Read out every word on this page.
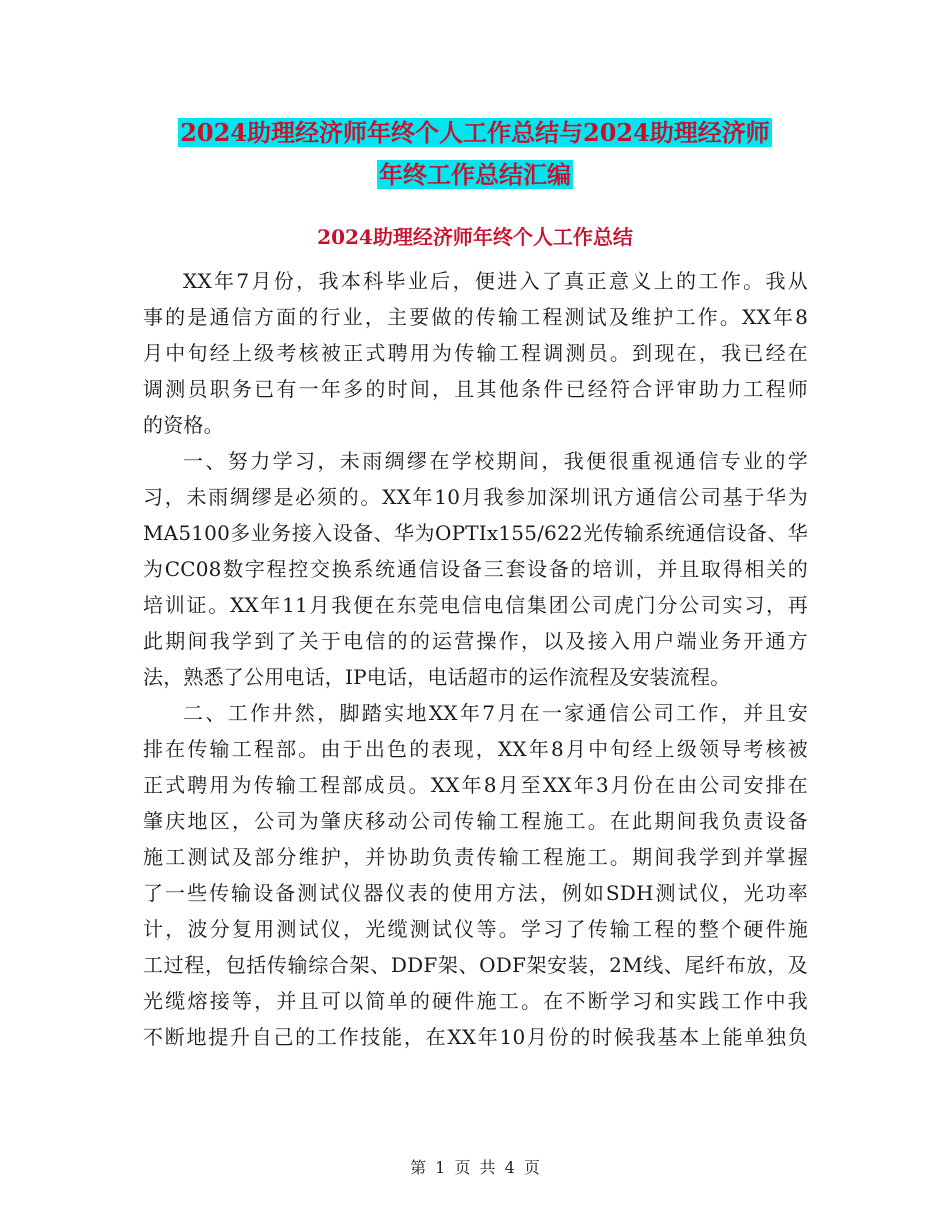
2024助理经济师年终个人工作总结与2024助理经济师
年终工作总结汇编
2024助理经济师年终个人工作总结
XX年7月份，我本科毕业后，便进入了真正意义上的工作。我从
事的是通信方面的行业，主要做的传输工程测试及维护工作。XX年8
月中旬经上级考核被正式聘用为传输工程调测员。到现在，我已经在
调测员职务已有一年多的时间，且其他条件已经符合评审助力工程师
的资格。
一、努力学习，未雨绸缪在学校期间，我便很重视通信专业的学
习，未雨绸缪是必须的。XX年10月我参加深圳讯方通信公司基于华为
MA5100多业务接入设备、华为OPTIx155/622光传输系统通信设备、华
为CC08数字程控交换系统通信设备三套设备的培训，并且取得相关的
培训证。XX年11月我便在东莞电信电信集团公司虎门分公司实习，再
此期间我学到了关于电信的的运营操作，以及接入用户端业务开通方
法，熟悉了公用电话，IP电话，电话超市的运作流程及安装流程。
二、工作井然，脚踏实地XX年7月在一家通信公司工作，并且安
排在传输工程部。由于出色的表现，XX年8月中旬经上级领导考核被
正式聘用为传输工程部成员。XX年8月至XX年3月份在由公司安排在
肇庆地区，公司为肇庆移动公司传输工程施工。在此期间我负责设备
施工测试及部分维护，并协助负责传输工程施工。期间我学到并掌握
了一些传输设备测试仪器仪表的使用方法，例如SDH测试仪，光功率
计，波分复用测试仪，光缆测试仪等。学习了传输工程的整个硬件施
工过程，包括传输综合架、DDF架、ODF架安装，2M线、尾纤布放，及
光缆熔接等，并且可以简单的硬件施工。在不断学习和实践工作中我
不断地提升自己的工作技能，在XX年10月份的时候我基本上能单独负
第 1 页 共 4 页
